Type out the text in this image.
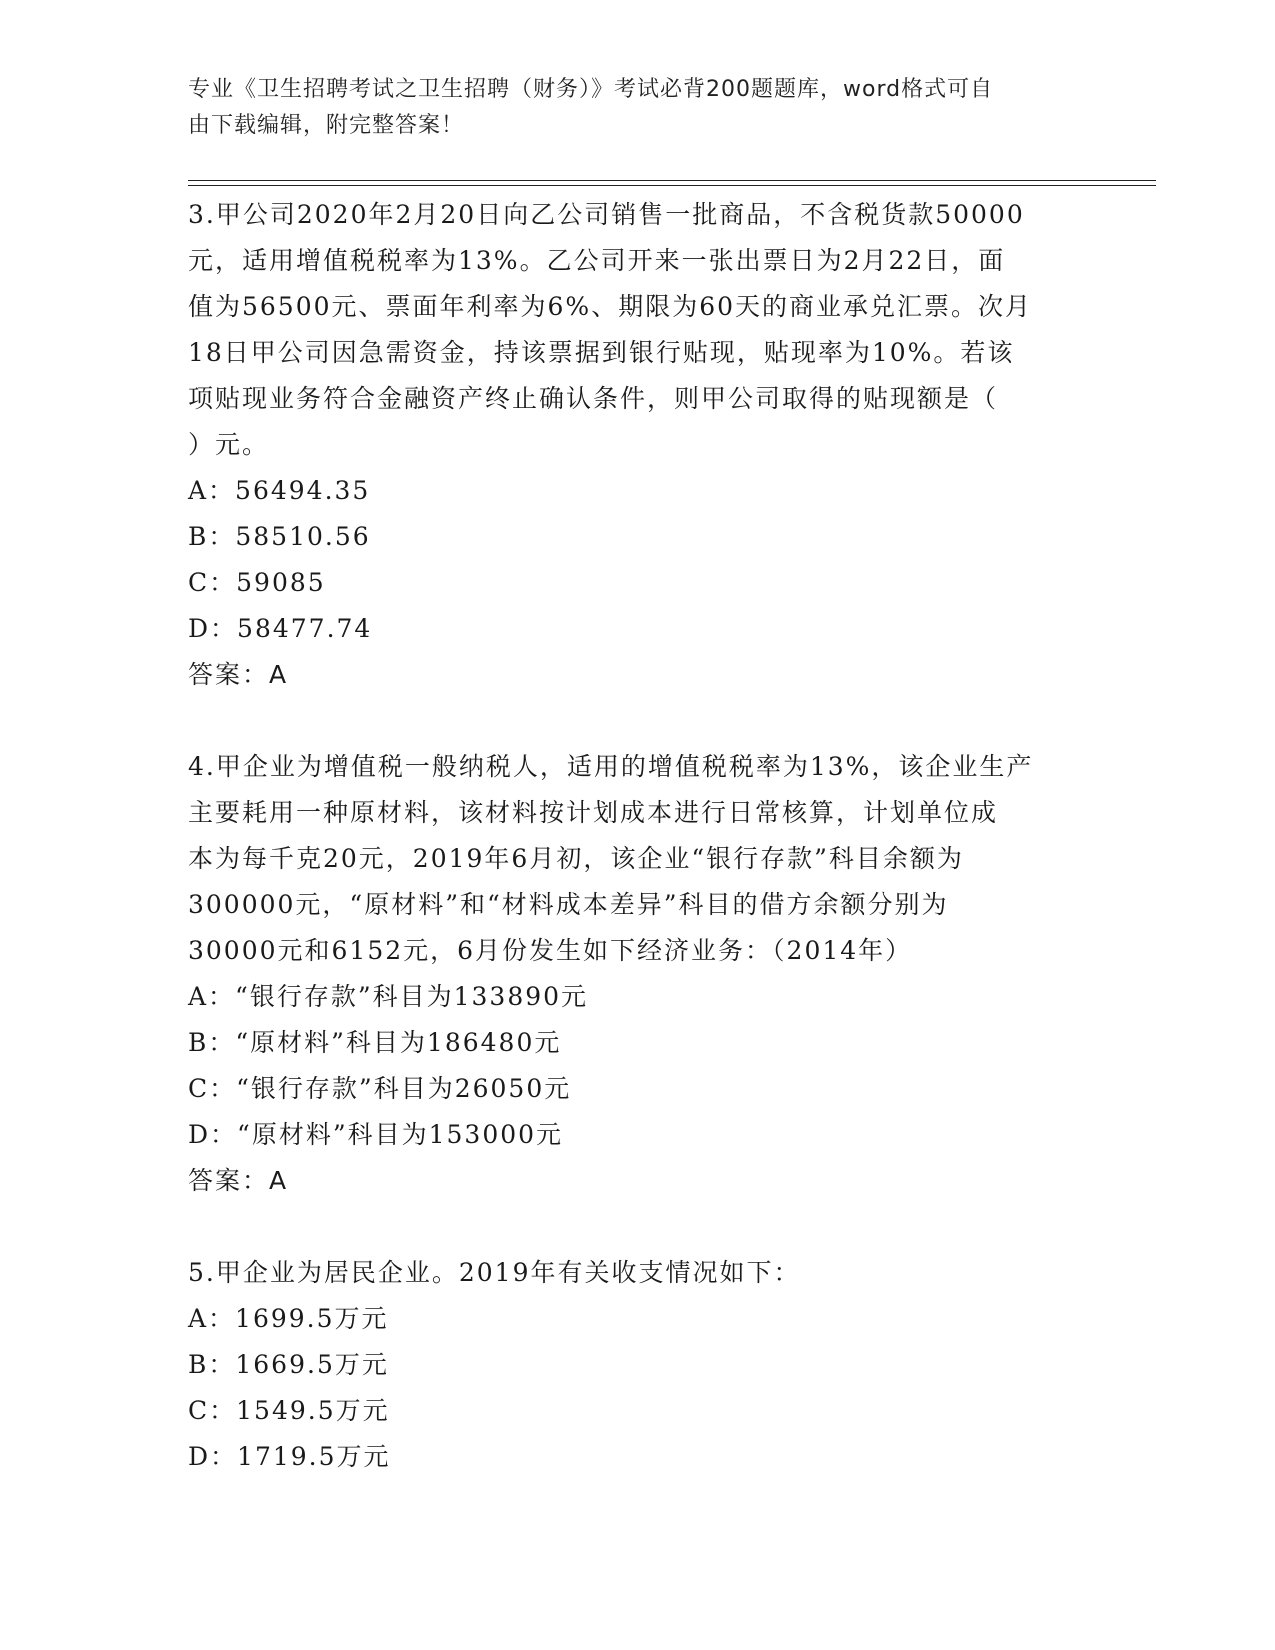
专业《卫生招聘考试之卫生招聘（财务）》考试必背200题题库，word格式可自
由下载编辑，附完整答案！
3.甲公司2020年2月20日向乙公司销售一批商品，不含税货款50000
元，适用增值税税率为13%。乙公司开来一张出票日为2月22日，面
值为56500元、票面年利率为6%、期限为60天的商业承兑汇票。次月
18日甲公司因急需资金，持该票据到银行贴现，贴现率为10%。若该
项贴现业务符合金融资产终止确认条件，则甲公司取得的贴现额是（
）元。
A：56494.35
B：58510.56
C：59085
D：58477.74
答案：A
4.甲企业为增值税一般纳税人，适用的增值税税率为13%，该企业生产
主要耗用一种原材料，该材料按计划成本进行日常核算，计划单位成
本为每千克20元，2019年6月初，该企业“银行存款”科目余额为
300000元，“原材料”和“材料成本差异”科目的借方余额分别为
30000元和6152元，6月份发生如下经济业务：（2014年）
A：“银行存款”科目为133890元
B：“原材料”科目为186480元
C：“银行存款”科目为26050元
D：“原材料”科目为153000元
答案：A
5.甲企业为居民企业。2019年有关收支情况如下：
A：1699.5万元
B：1669.5万元
C：1549.5万元
D：1719.5万元
